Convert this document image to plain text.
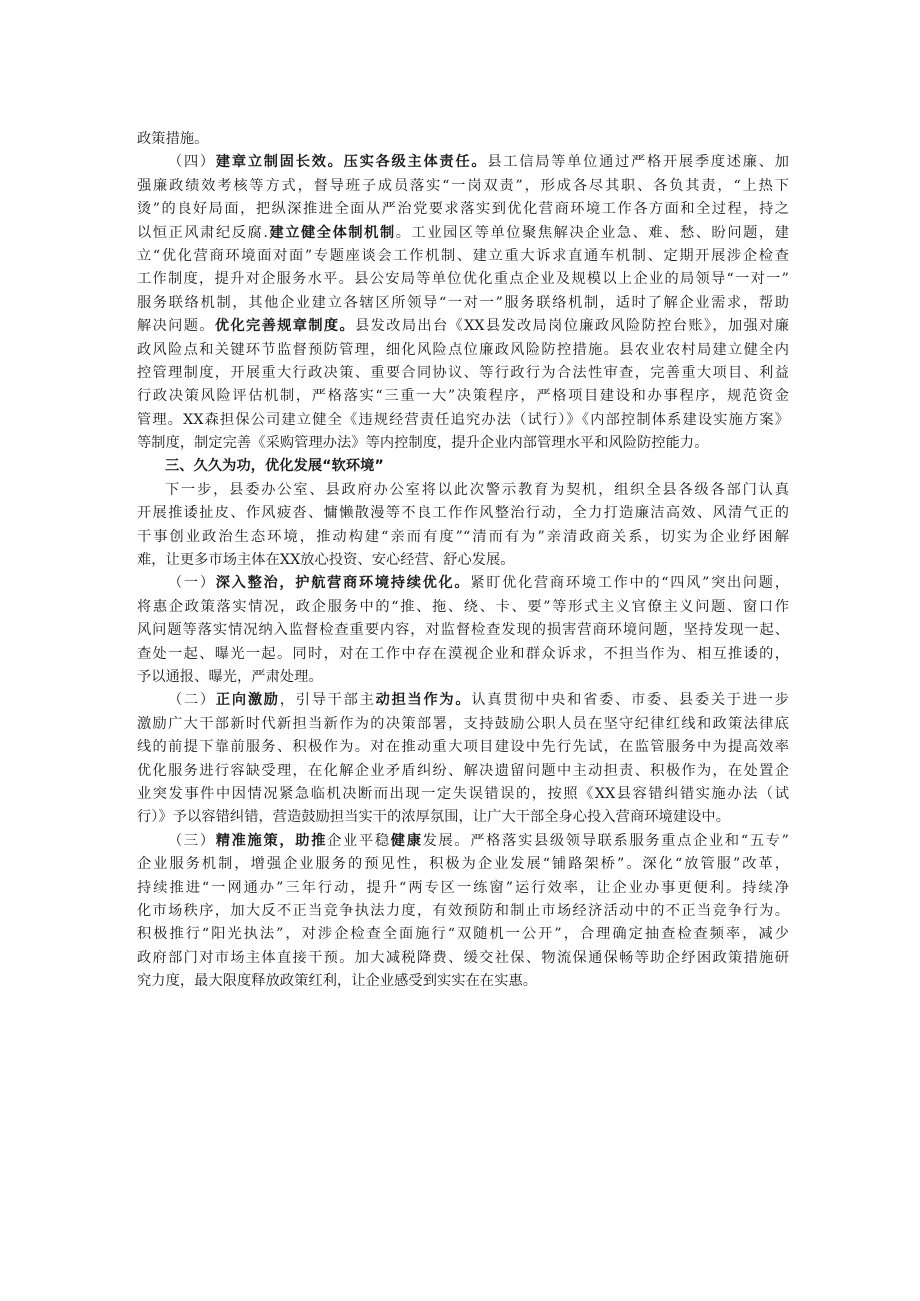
政策措施。
（四）建章立制固长效。压实各级主体责任。县工信局等单位通过严格开展季度述廉、加
强廉政绩效考核等方式，督导班子成员落实“一岗双责”，形成各尽其职、各负其责，“上热下
烫”的良好局面，把纵深推进全面从严治党要求落实到优化营商环境工作各方面和全过程，持之
以恒正风肃纪反腐.建立健全体制机制。工业园区等单位聚焦解决企业急、难、愁、盼问题，建
立“优化营商环境面对面”专题座谈会工作机制、建立重大诉求直通车机制、定期开展涉企检查
工作制度，提升对企服务水平。县公安局等单位优化重点企业及规模以上企业的局领导“一对一”
服务联络机制，其他企业建立各辖区所领导“一对一”服务联络机制，适时了解企业需求，帮助
解决问题。优化完善规章制度。县发改局出台《XX县发改局岗位廉政风险防控台账》，加强对廉
政风险点和关键环节监督预防管理，细化风险点位廉政风险防控措施。县农业农村局建立健全内
控管理制度，开展重大行政决策、重要合同协议、等行政行为合法性审查，完善重大项目、利益
行政决策风险评估机制，严格落实“三重一大”决策程序，严格项目建设和办事程序，规范资金
管理。XX森担保公司建立健全《违规经营责任追究办法（试行）》《内部控制体系建设实施方案》
等制度，制定完善《采购管理办法》等内控制度，提升企业内部管理水平和风险防控能力。
三、久久为功，优化发展“软环境”
下一步，县委办公室、县政府办公室将以此次警示教育为契机，组织全县各级各部门认真
开展推诿扯皮、作风疲沓、慵懒散漫等不良工作作风整治行动，全力打造廉洁高效、风清气正的
干事创业政治生态环境，推动构建“亲而有度”“清而有为”亲清政商关系，切实为企业纾困解
难，让更多市场主体在XX放心投资、安心经营、舒心发展。
（一）深入整治，护航营商环境持续优化。紧盯优化营商环境工作中的“四风”突出问题，
将惠企政策落实情况，政企服务中的“推、拖、绕、卡、要”等形式主义官僚主义问题、窗口作
风问题等落实情况纳入监督检查重要内容，对监督检查发现的损害营商环境问题，坚持发现一起、
查处一起、曝光一起。同时，对在工作中存在漠视企业和群众诉求，不担当作为、相互推诿的，
予以通报、曝光，严肃处理。
（二）正向激励，引导干部主动担当作为。认真贯彻中央和省委、市委、县委关于进一步
激励广大干部新时代新担当新作为的决策部署，支持鼓励公职人员在坚守纪律红线和政策法律底
线的前提下靠前服务、积极作为。对在推动重大项目建设中先行先试，在监管服务中为提高效率
优化服务进行容缺受理，在化解企业矛盾纠纷、解决遗留问题中主动担责、积极作为，在处置企
业突发事件中因情况紧急临机决断而出现一定失误错误的，按照《XX县容错纠错实施办法（试
行）》予以容错纠错，营造鼓励担当实干的浓厚氛围，让广大干部全身心投入营商环境建设中。
（三）精准施策，助推企业平稳健康发展。严格落实县级领导联系服务重点企业和“五专”
企业服务机制，增强企业服务的预见性，积极为企业发展“铺路架桥”。深化“放管服”改革，
持续推进“一网通办”三年行动，提升“两专区一练窗”运行效率，让企业办事更便利。持续净
化市场秩序，加大反不正当竞争执法力度，有效预防和制止市场经济活动中的不正当竞争行为。
积极推行“阳光执法”，对涉企检查全面施行“双随机一公开”，合理确定抽查检查频率，减少
政府部门对市场主体直接干预。加大减税降费、缓交社保、物流保通保畅等助企纾困政策措施研
究力度，最大限度释放政策红利，让企业感受到实实在在实惠。
